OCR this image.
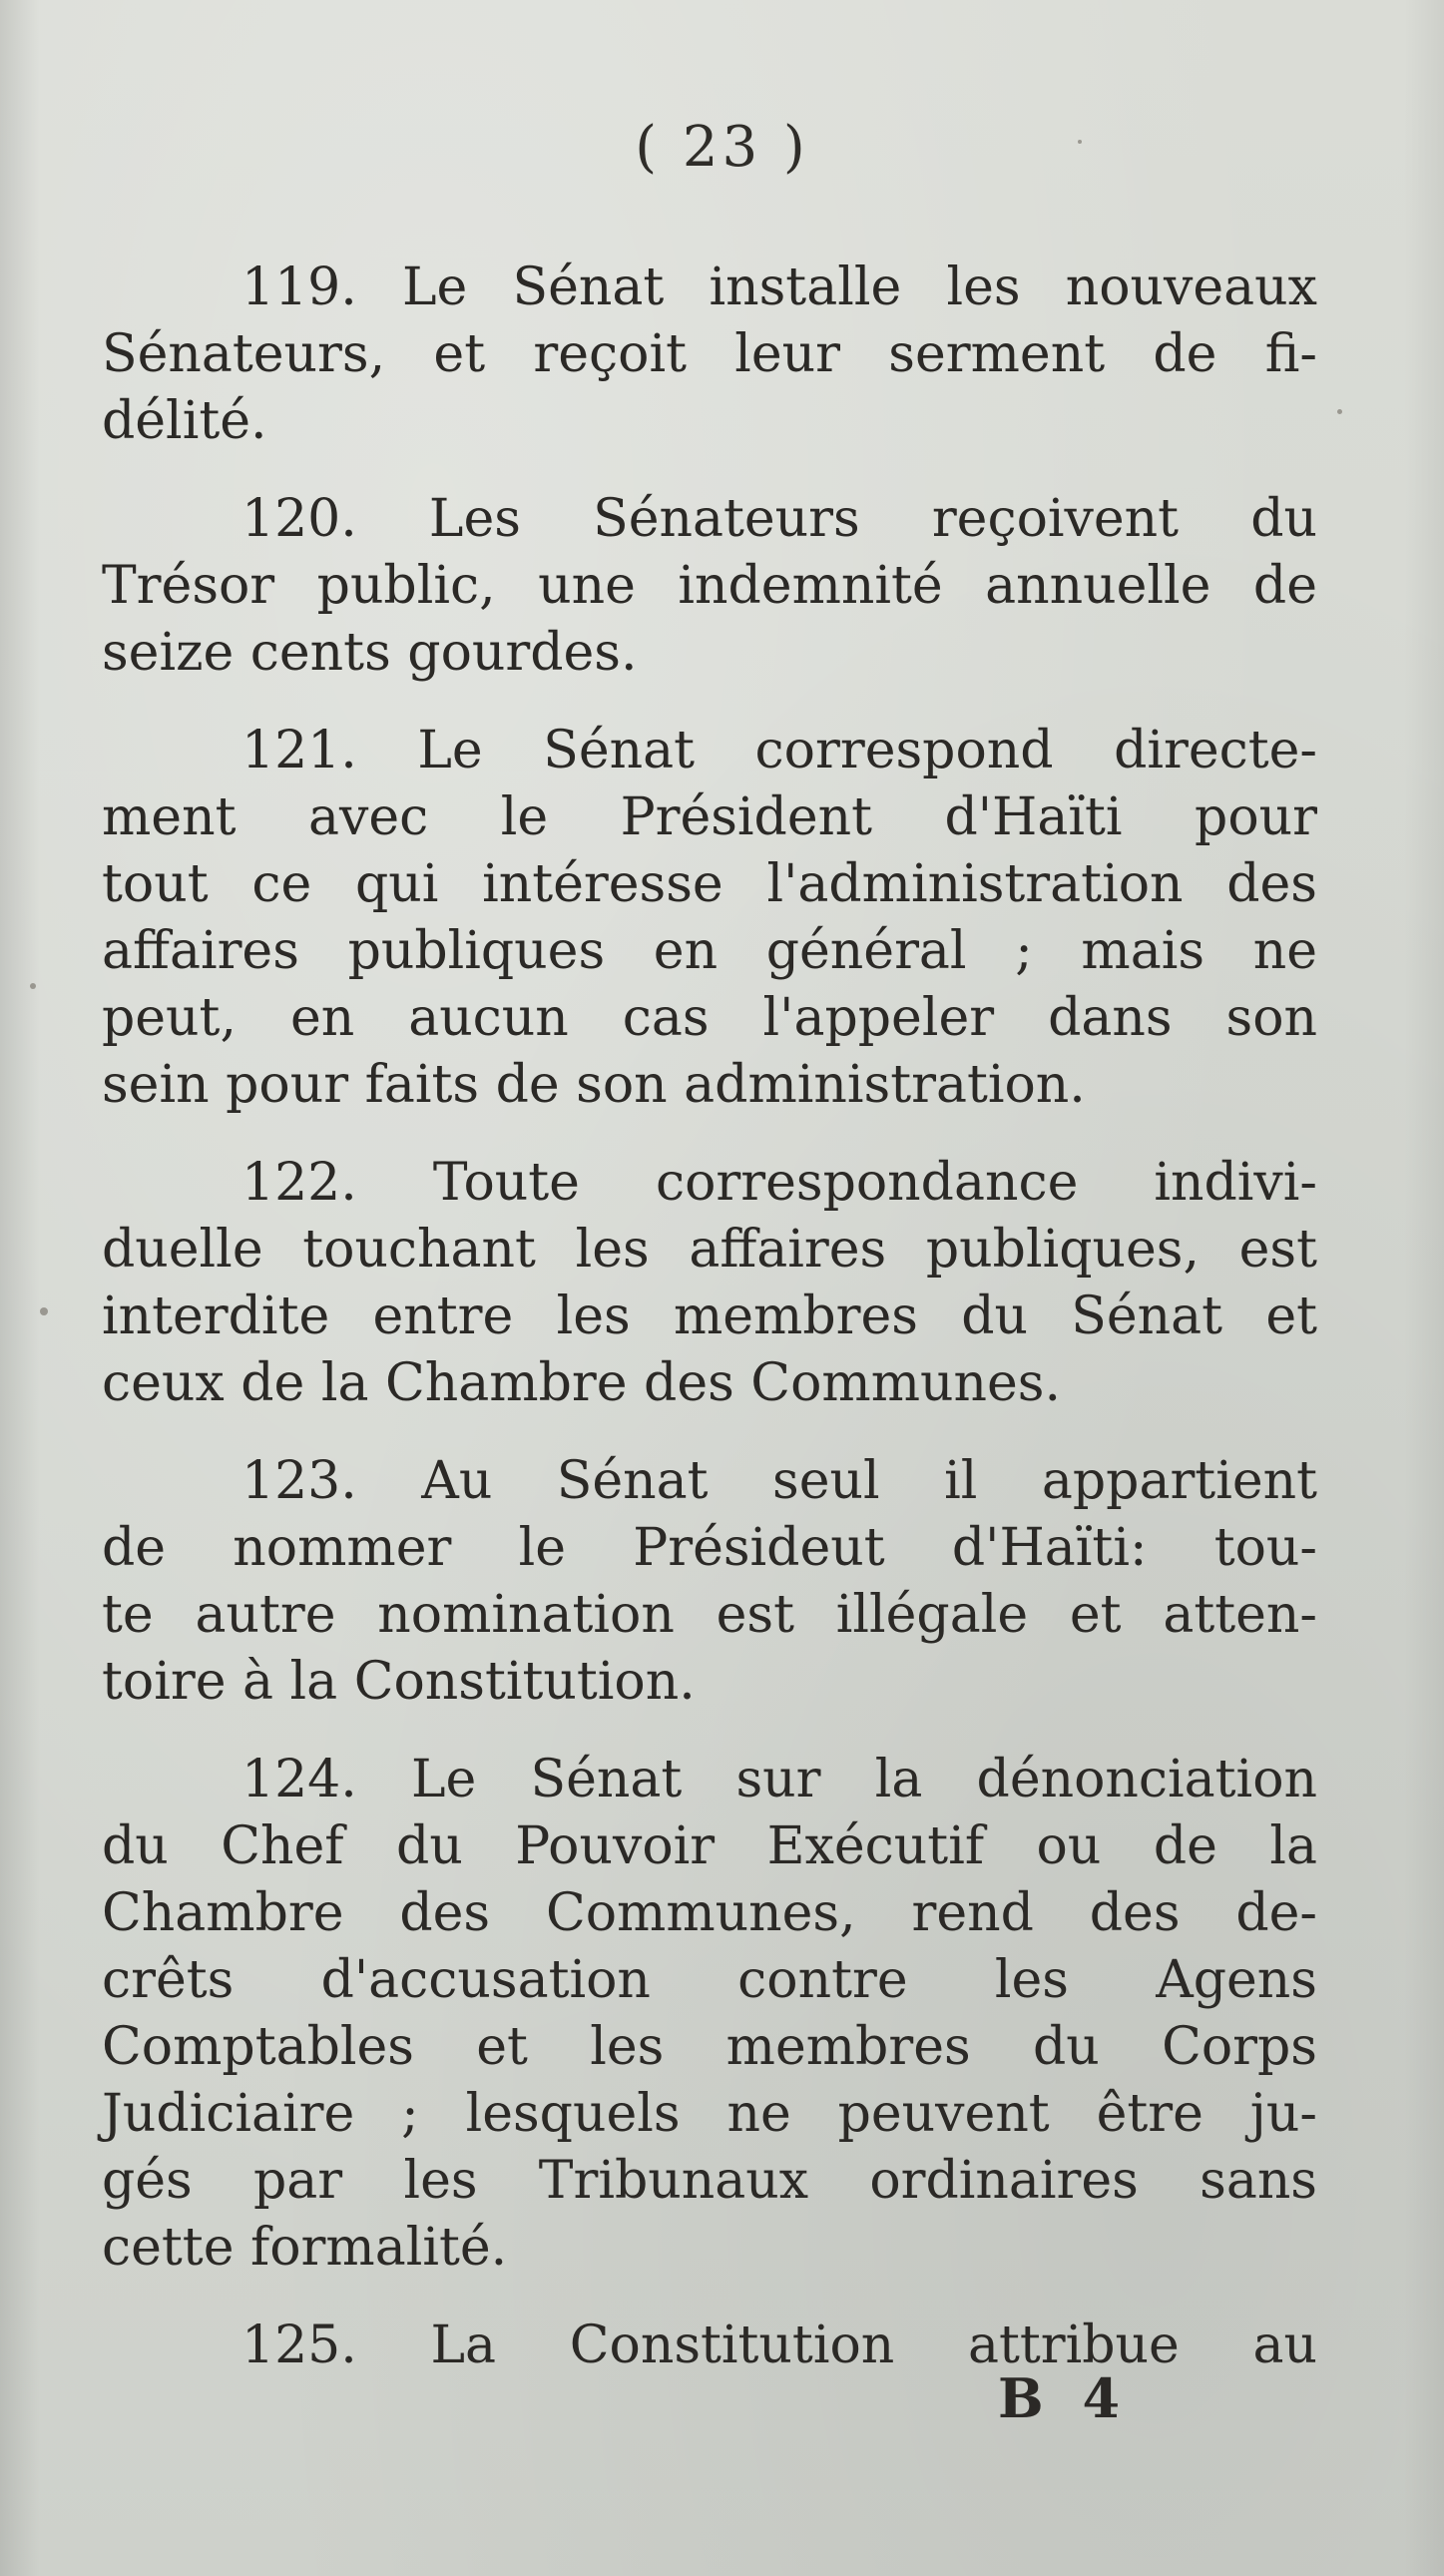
( 23 )
119. Le Sénat installe les nouveaux
Sénateurs, et reçoit leur serment de fi-
délité.
120. Les Sénateurs reçoivent du
Trésor public, une indemnité annuelle de
seize cents gourdes.
121. Le Sénat correspond directe-
ment avec le Président d'Haïti pour
tout ce qui intéresse l'administration des
affaires publiques en général ; mais ne
peut, en aucun cas l'appeler dans son
sein pour faits de son administration.
122. Toute correspondance indivi-
duelle touchant les affaires publiques, est
interdite entre les membres du Sénat et
ceux de la Chambre des Communes.
123. Au Sénat seul il appartient
de nommer le Présideut d'Haïti: tou-
te autre nomination est illégale et atten-
toire à la Constitution.
124. Le Sénat sur la dénonciation
du Chef du Pouvoir Exécutif ou de la
Chambre des Communes, rend des de-
crêts d'accusation contre les Agens
Comptables et les membres du Corps
Judiciaire ; lesquels ne peuvent être ju-
gés par les Tribunaux ordinaires sans
cette formalité.
125. La Constitution attribue au
B 4
